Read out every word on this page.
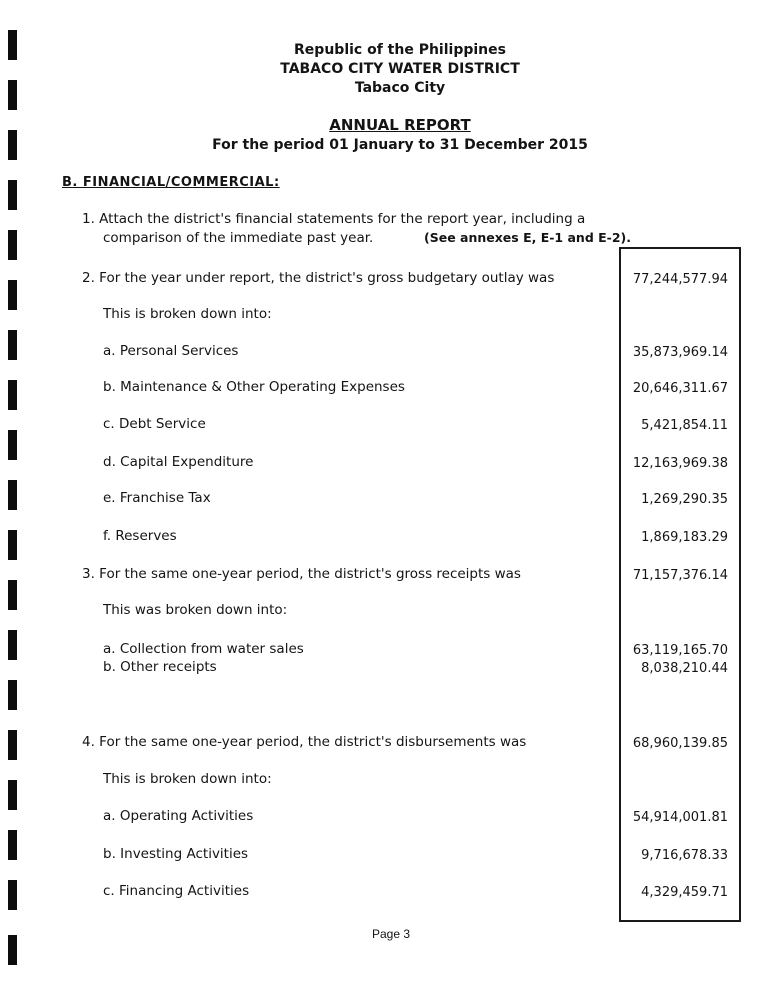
Republic of the Philippines
TABACO CITY WATER DISTRICT
Tabaco City
ANNUAL REPORT
For the period 01 January to 31 December 2015
B. FINANCIAL/COMMERCIAL:
1. Attach the district's financial statements for the report year, including a
comparison of the immediate past year.	(See annexes E, E-1 and E-2).
2. For the year under report, the district's gross budgetary outlay was	77,244,577.94
This is broken down into:
a. Personal Services	35,873,969.14
b. Maintenance & Other Operating Expenses	20,646,311.67
c. Debt Service	5,421,854.11
d. Capital Expenditure	12,163,969.38
e. Franchise Tax	1,269,290.35
f. Reserves	1,869,183.29
3. For the same one-year period, the district's gross receipts was	71,157,376.14
This was broken down into:
a. Collection from water sales	63,119,165.70
b. Other receipts	8,038,210.44
4. For the same one-year period, the district's disbursements was	68,960,139.85
This is broken down into:
a. Operating Activities	54,914,001.81
b. Investing Activities	9,716,678.33
c. Financing Activities	4,329,459.71
Page 3
